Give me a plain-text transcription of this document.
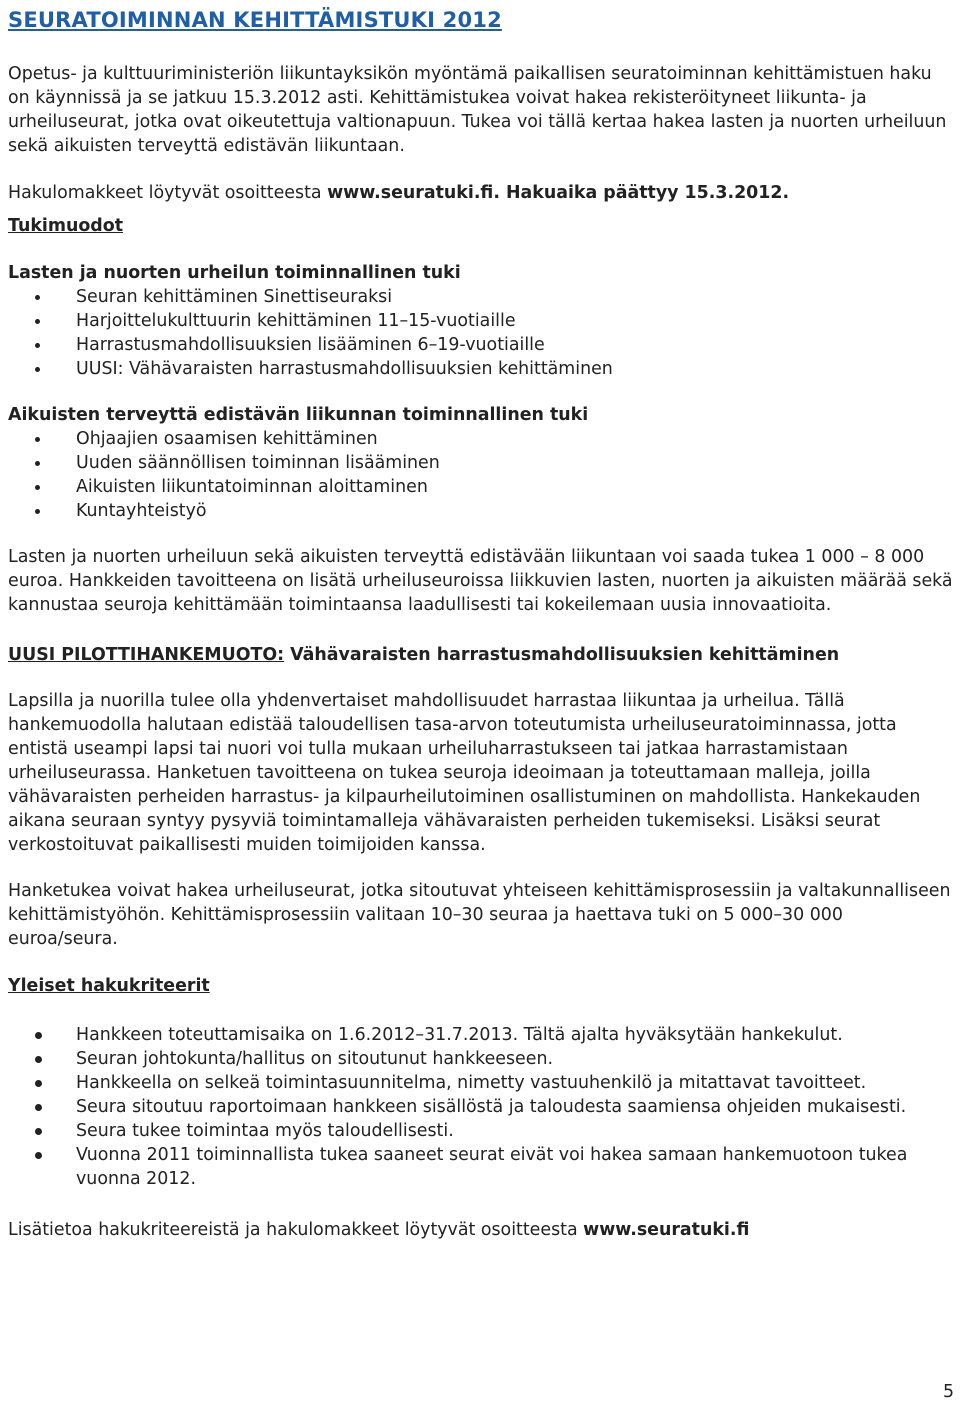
SEURATOIMINNAN KEHITTÄMISTUKI 2012

Opetus- ja kulttuuriministeriön liikuntayksikön myöntämä paikallisen seuratoiminnan kehittämistuen haku on käynnissä ja se jatkuu 15.3.2012 asti. Kehittämistukea voivat hakea rekisteröityneet liikunta- ja urheiluseurat, jotka ovat oikeutettuja valtionapuun. Tukea voi tällä kertaa hakea lasten ja nuorten urheiluun sekä aikuisten terveyttä edistävän liikuntaan.

Hakulomakkeet löytyvät osoitteesta www.seuratuki.fi. Hakuaika päättyy 15.3.2012.

Tukimuodot
Lasten ja nuorten urheilun toiminnallinen tuki
Seuran kehittäminen Sinettiseuraksi
Harjoittelukulttuurin kehittäminen 11–15-vuotiaille
Harrastusmahdollisuuksien lisääminen 6–19-vuotiaille
UUSI: Vähävaraisten harrastusmahdollisuuksien kehittäminen
Aikuisten terveyttä edistävän liikunnan toiminnallinen tuki
Ohjaajien osaamisen kehittäminen
Uuden säännöllisen toiminnan lisääminen
Aikuisten liikuntatoiminnan aloittaminen
Kuntayhteistyö

Lasten ja nuorten urheiluun sekä aikuisten terveyttä edistävään liikuntaan voi saada tukea 1 000 – 8 000 euroa. Hankkeiden tavoitteena on lisätä urheiluseuroissa liikkuvien lasten, nuorten ja aikuisten määrää sekä kannustaa seuroja kehittämään toimintaansa laadullisesti tai kokeilemaan uusia innovaatioita.

UUSI PILOTTIHANKEMUOTO: Vähävaraisten harrastusmahdollisuuksien kehittäminen

Lapsilla ja nuorilla tulee olla yhdenvertaiset mahdollisuudet harrastaa liikuntaa ja urheilua. Tällä hankemuodolla halutaan edistää taloudellisen tasa-arvon toteutumista urheiluseuratoiminnassa, jotta entistä useampi lapsi tai nuori voi tulla mukaan urheiluharrastukseen tai jatkaa harrastamistaan urheiluseurassa. Hanketuen tavoitteena on tukea seuroja ideoimaan ja toteuttamaan malleja, joilla vähävaraisten perheiden harrastus- ja kilpaurheilutoiminen osallistuminen on mahdollista. Hankekauden aikana seuraan syntyy pysyviä toimintamalleja vähävaraisten perheiden tukemiseksi. Lisäksi seurat verkostoituvat paikallisesti muiden toimijoiden kanssa.

Hanketukea voivat hakea urheiluseurat, jotka sitoutuvat yhteiseen kehittämisprosessiin ja valtakunnalliseen kehittämistyöhön. Kehittämisprosessiin valitaan 10–30 seuraa ja haettava tuki on 5 000–30 000 euroa/seura.

Yleiset hakukriteerit
Hankkeen toteuttamisaika on 1.6.2012–31.7.2013. Tältä ajalta hyväksytään hankekulut.
Seuran johtokunta/hallitus on sitoutunut hankkeeseen.
Hankkeella on selkeä toimintasuunnitelma, nimetty vastuuhenkilö ja mitattavat tavoitteet.
Seura sitoutuu raportoimaan hankkeen sisällöstä ja taloudesta saamiensa ohjeiden mukaisesti.
Seura tukee toimintaa myös taloudellisesti.
Vuonna 2011 toiminnallista tukea saaneet seurat eivät voi hakea samaan hankemuotoon tukea vuonna 2012.

Lisätietoa hakukriteereistä ja hakulomakkeet löytyvät osoitteesta www.seuratuki.fi

5
